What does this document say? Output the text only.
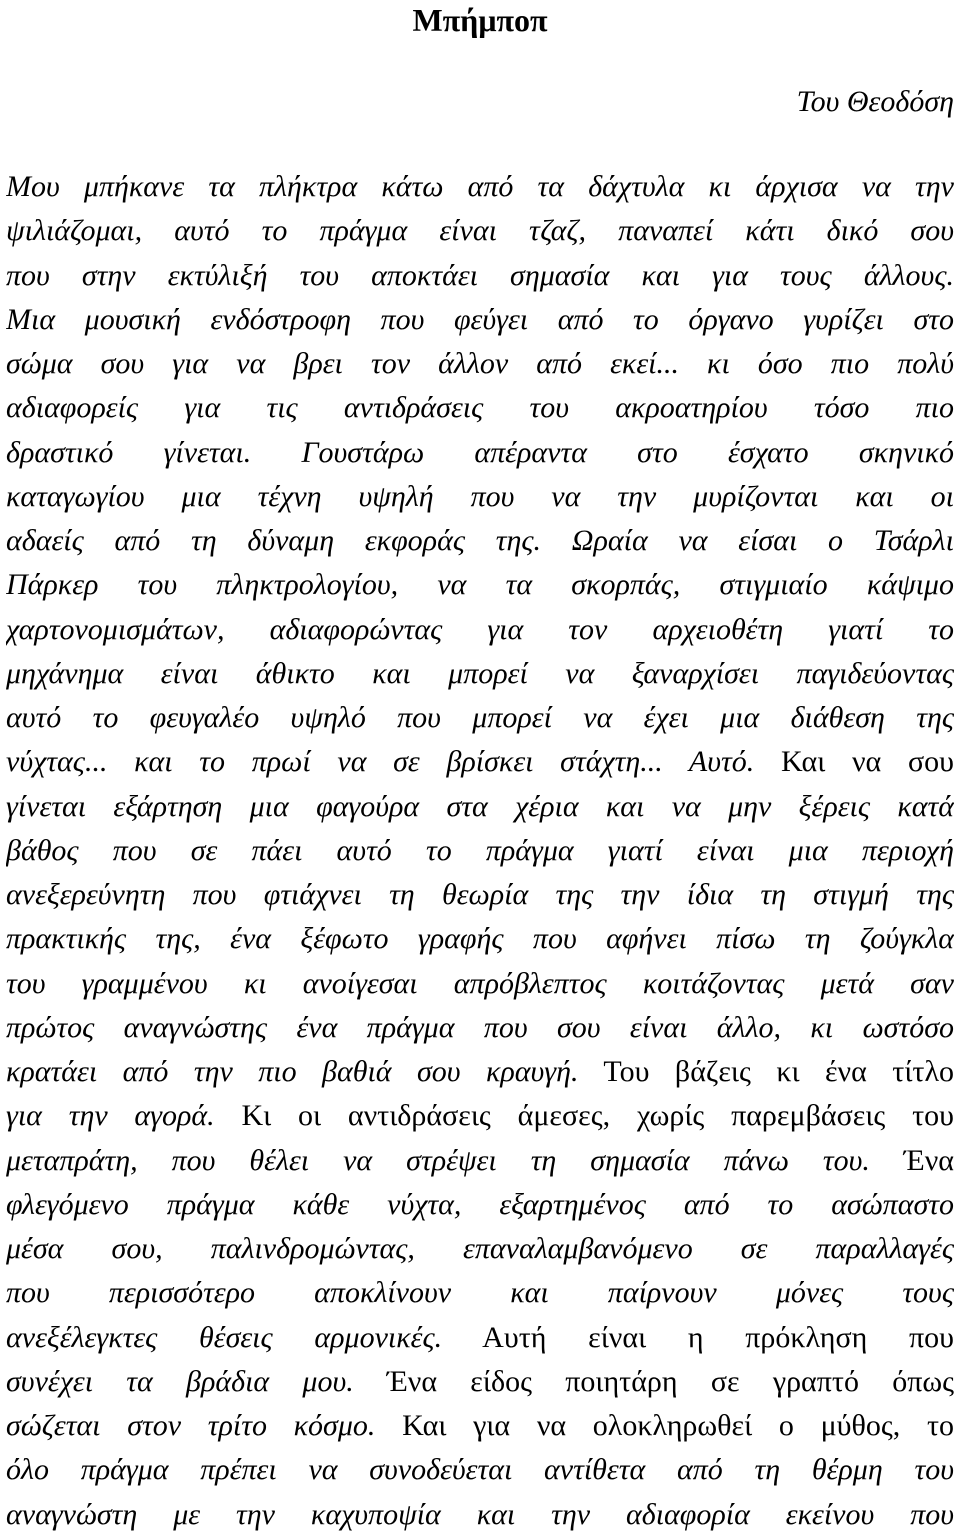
Μπήμποπ

Του Θεοδόση

Μου μπήκανε τα πλήκτρα κάτω από τα δάχτυλα κι άρχισα να την
ψιλιάζομαι, αυτό το πράγμα είναι τζαζ, παναπεί κάτι δικό σου
που στην εκτύλιξή του αποκτάει σημασία και για τους άλλους.
Μια μουσική ενδόστροφη που φεύγει από το όργανο γυρίζει στο
σώμα σου για να βρει τον άλλον από εκεί... κι όσο πιο πολύ
αδιαφορείς για τις αντιδράσεις του ακροατηρίου τόσο πιο
δραστικό γίνεται. Γουστάρω απέραντα στο έσχατο σκηνικό
καταγωγίου μια τέχνη υψηλή που να την μυρίζονται και οι
αδαείς από τη δύναμη εκφοράς της. Ωραία να είσαι ο Τσάρλι
Πάρκερ του πληκτρολογίου, να τα σκορπάς, στιγμιαίο κάψιμο
χαρτονομισμάτων, αδιαφορώντας για τον αρχειοθέτη γιατί το
μηχάνημα είναι άθικτο και μπορεί να ξαναρχίσει παγιδεύοντας
αυτό το φευγαλέο υψηλό που μπορεί να έχει μια διάθεση της
νύχτας... και το πρωί να σε βρίσκει στάχτη... Αυτό. Και να σου
γίνεται εξάρτηση μια φαγούρα στα χέρια και να μην ξέρεις κατά
βάθος που σε πάει αυτό το πράγμα γιατί είναι μια περιοχή
ανεξερεύνητη που φτιάχνει τη θεωρία της την ίδια τη στιγμή της
πρακτικής της, ένα ξέφωτο γραφής που αφήνει πίσω τη ζούγκλα
του γραμμένου κι ανοίγεσαι απρόβλεπτος κοιτάζοντας μετά σαν
πρώτος αναγνώστης ένα πράγμα που σου είναι άλλο, κι ωστόσο
κρατάει από την πιο βαθιά σου κραυγή. Του βάζεις κι ένα τίτλο
για την αγορά. Κι οι αντιδράσεις άμεσες, χωρίς παρεμβάσεις του
μεταπράτη, που θέλει να στρέψει τη σημασία πάνω του. Ένα
φλεγόμενο πράγμα κάθε νύχτα, εξαρτημένος από το ασώπαστο
μέσα σου, παλινδρομώντας, επαναλαμβανόμενο σε παραλλαγές
που περισσότερο αποκλίνουν και παίρνουν μόνες τους
ανεξέλεγκτες θέσεις αρμονικές. Αυτή είναι η πρόκληση που
συνέχει τα βράδια μου. Ένα είδος ποιητάρη σε γραπτό όπως
σώζεται στον τρίτο κόσμο. Και για να ολοκληρωθεί ο μύθος, το
όλο πράγμα πρέπει να συνοδεύεται αντίθετα από τη θέρμη του
αναγνώστη με την καχυποψία και την αδιαφορία εκείνου που
